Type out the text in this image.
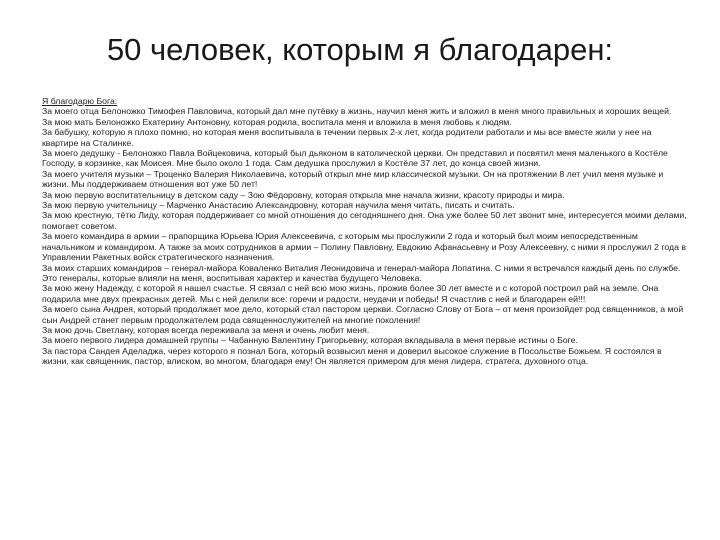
50 человек, которым я благодарен:

Я благодарю Бога:

За моего отца Белоножко Тимофея Павловича, который дал мне путёвку в жизнь, научил меня жить и вложил в меня много правильных и хороших вещей.

За мою мать Белоножко Екатерину Антоновну, которая родила, воспитала меня и вложила в меня любовь к людям.

За бабушку, которую я плохо помню, но которая меня воспитывала в течении первых 2-х лет, когда родители работали и мы все вместе жили у нее на квартире на Сталинке.

За моего дедушку - Белоножко Павла Войцековича, который был дьяконом в католической церкви. Он представил и посвятил меня маленького в Костёле Господу, в корзинке, как Моисея. Мне было около 1 года. Сам дедушка прослужил в Костёле 37 лет, до конца своей жизни.

За моего учителя музыки – Троценко Валерия Николаевича, который открыл мне мир классической музыки. Он на протяжении 8 лет учил меня музыке и жизни. Мы поддерживаем отношения вот уже 50 лет!

За мою первую воспитательницу в детском саду – Зою Фёдоровну, которая открыла мне начала жизни, красоту природы и мира.

За мою первую учительницу – Марченко Анастасию Александровну, которая научила меня читать, писать и считать.

За мою крестную, тётю Лиду, которая поддерживает со мной отношения до сегодняшнего дня. Она уже более 50 лет звонит мне, интересуется моими делами, помогает советом.

За моего командира в армии – прапорщика Юрьева Юрия Алексеевича, с которым мы прослужили 2 года и который был моим непосредственным начальником и командиром. А также за моих сотрудников в армии – Полину Павловну, Евдокию Афанасьевну и Розу Алексеевну, с ними я прослужил 2 года в Управлении Ракетных войск стратегического назначения.

За моих старших командиров – генерал-майора Коваленко Виталия Леонидовича и генерал-майора Лопатина. С ними я встречался каждый день по службе. Это генералы, которые влияли на меня, воспитывая характер и качества будущего Человека.

За мою жену Надежду, с которой я нашел счастье. Я связал с ней всю мою жизнь, прожив более 30 лет вместе и с которой построил рай на земле. Она подарила мне двух прекрасных детей. Мы с ней делили все: горечи и радости, неудачи и победы! Я счастлив с ней и благодарен ей!!!

За моего сына Андрея, который продолжает мое дело, который стал пастором церкви. Согласно Слову от Бога – от меня произойдет род священников, а мой сын Андрей станет первым продолжателем рода священнослужителей на многие поколения!

За мою дочь Светлану, которая всегда переживала за меня и очень любит меня.

За моего первого лидера домашней группы – Чабанную Валентину Григорьевну, которая вкладывала в меня первые истины о Боге.

За пастора Сандея Аделаджа, через которого я познал Бога, который возвысил меня и доверил высокое служение в Посольстве Божьем. Я состоялся в жизни, как священник, пастор, влиском, во многом, благодаря ему! Он является примером для меня лидера, стратега, духовного отца.
